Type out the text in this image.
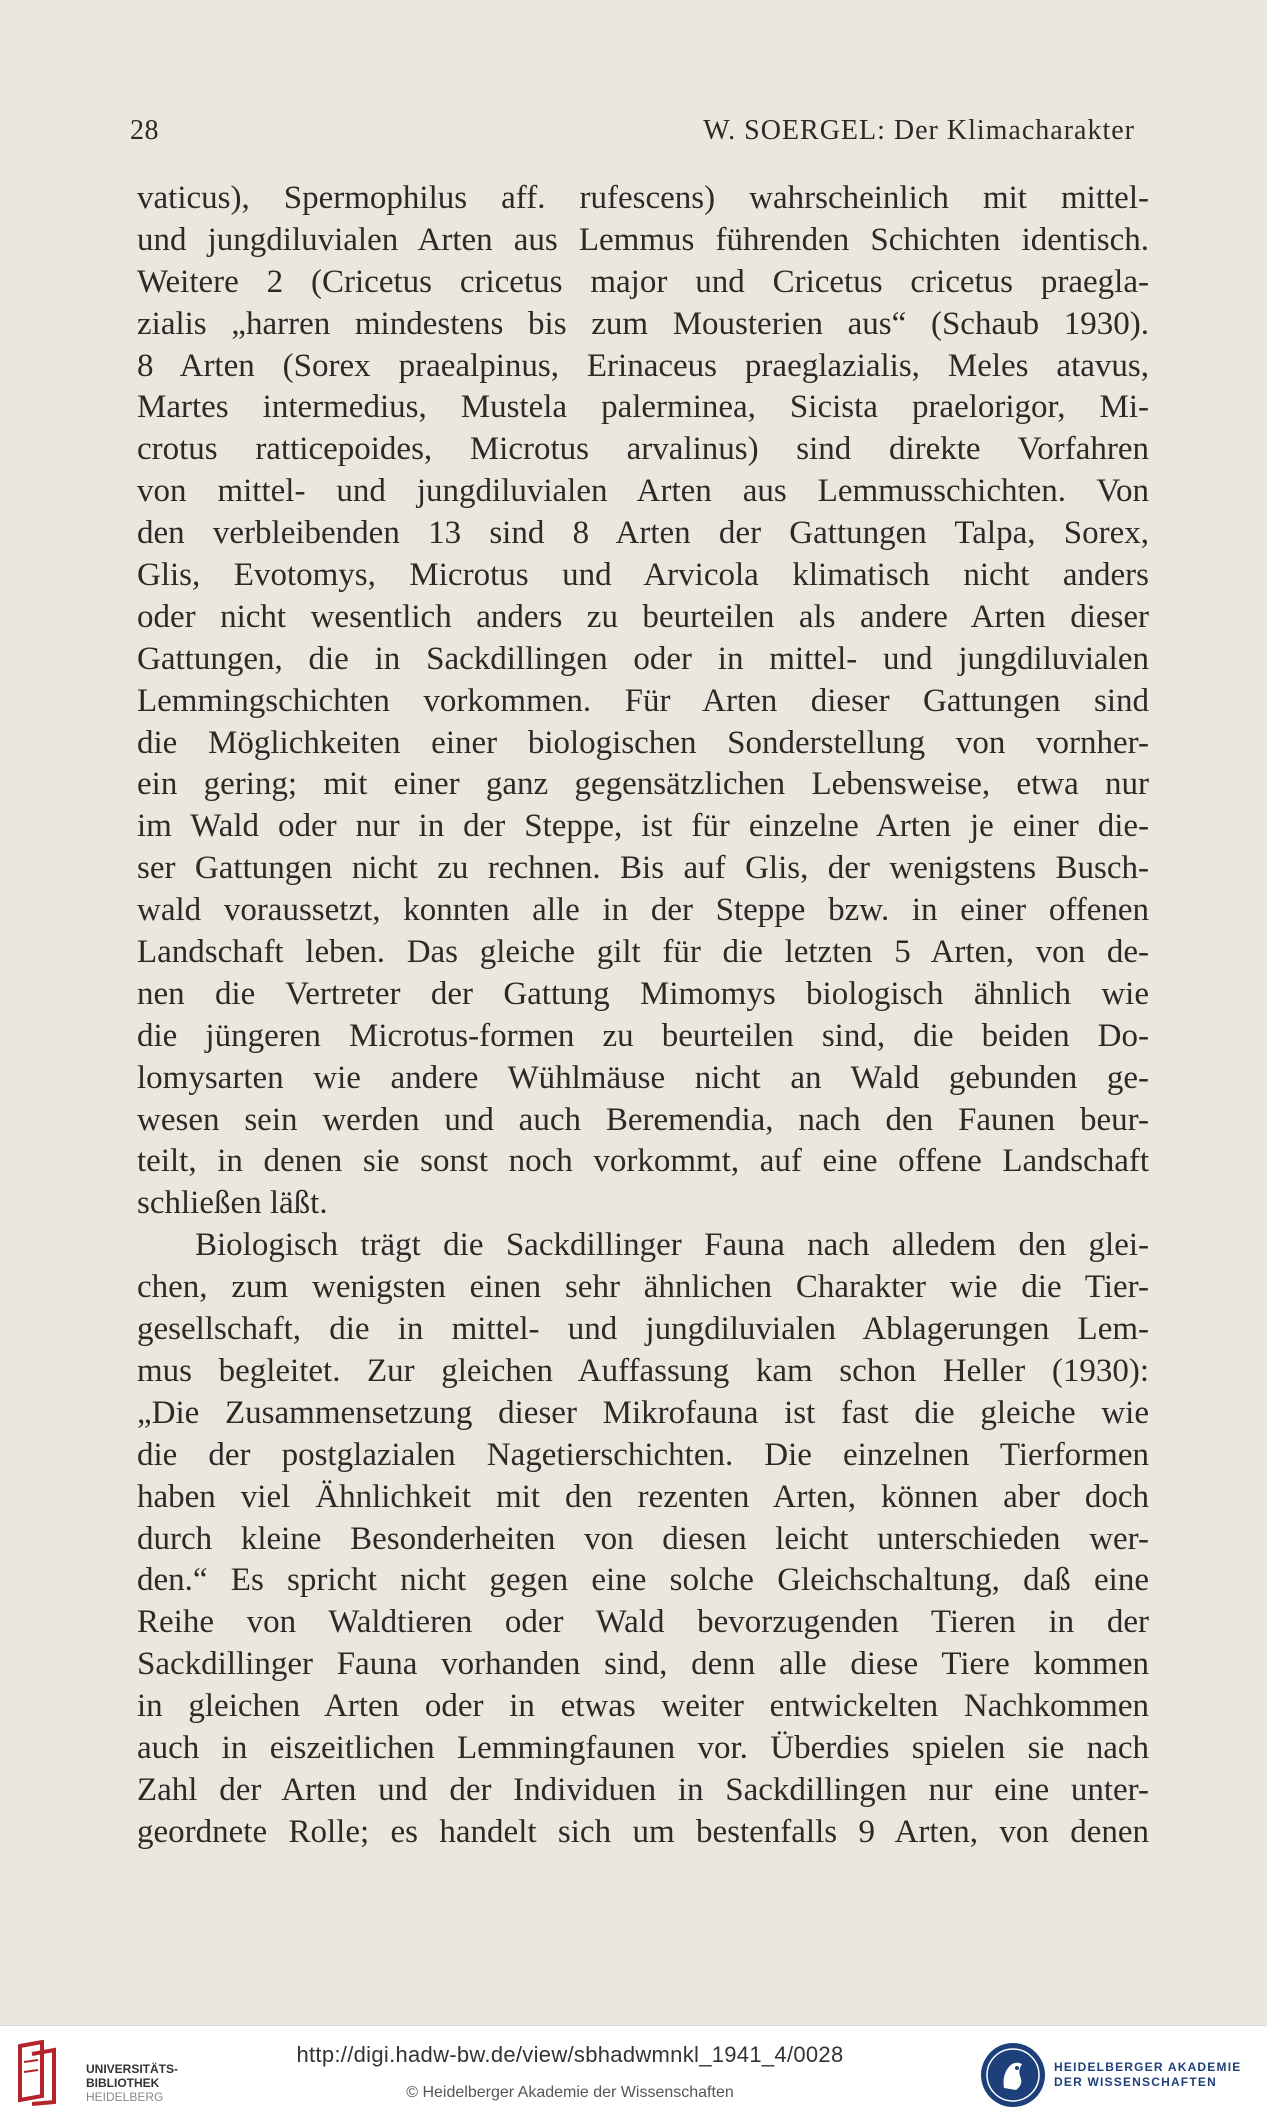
28	W. SOERGEL: Der Klimacharakter
vaticus), Spermophilus aff. rufescens) wahrscheinlich mit mittel-
und jungdiluvialen Arten aus Lemmus führenden Schichten identisch.
Weitere 2 (Cricetus cricetus major und Cricetus cricetus praegla-
zialis „harren mindestens bis zum Mousterien aus“ (Schaub 1930).
8 Arten (Sorex praealpinus, Erinaceus praeglazialis, Meles atavus,
Martes intermedius, Mustela palerminea, Sicista praelorigor, Mi-
crotus ratticepoides, Microtus arvalinus) sind direkte Vorfahren
von mittel- und jungdiluvialen Arten aus Lemmusschichten. Von
den verbleibenden 13 sind 8 Arten der Gattungen Talpa, Sorex,
Glis, Evotomys, Microtus und Arvicola klimatisch nicht anders
oder nicht wesentlich anders zu beurteilen als andere Arten dieser
Gattungen, die in Sackdillingen oder in mittel- und jungdiluvialen
Lemmingschichten vorkommen. Für Arten dieser Gattungen sind
die Möglichkeiten einer biologischen Sonderstellung von vornher-
ein gering; mit einer ganz gegensätzlichen Lebensweise, etwa nur
im Wald oder nur in der Steppe, ist für einzelne Arten je einer die-
ser Gattungen nicht zu rechnen. Bis auf Glis, der wenigstens Busch-
wald voraussetzt, konnten alle in der Steppe bzw. in einer offenen
Landschaft leben. Das gleiche gilt für die letzten 5 Arten, von de-
nen die Vertreter der Gattung Mimomys biologisch ähnlich wie
die jüngeren Microtus-formen zu beurteilen sind, die beiden Do-
lomysarten wie andere Wühlmäuse nicht an Wald gebunden ge-
wesen sein werden und auch Beremendia, nach den Faunen beur-
teilt, in denen sie sonst noch vorkommt, auf eine offene Landschaft
schließen läßt.
Biologisch trägt die Sackdillinger Fauna nach alledem den glei-
chen, zum wenigsten einen sehr ähnlichen Charakter wie die Tier-
gesellschaft, die in mittel- und jungdiluvialen Ablagerungen Lem-
mus begleitet. Zur gleichen Auffassung kam schon Heller (1930):
„Die Zusammensetzung dieser Mikrofauna ist fast die gleiche wie
die der postglazialen Nagetierschichten. Die einzelnen Tierformen
haben viel Ähnlichkeit mit den rezenten Arten, können aber doch
durch kleine Besonderheiten von diesen leicht unterschieden wer-
den.“ Es spricht nicht gegen eine solche Gleichschaltung, daß eine
Reihe von Waldtieren oder Wald bevorzugenden Tieren in der
Sackdillinger Fauna vorhanden sind, denn alle diese Tiere kommen
in gleichen Arten oder in etwas weiter entwickelten Nachkommen
auch in eiszeitlichen Lemmingfaunen vor. Überdies spielen sie nach
Zahl der Arten und der Individuen in Sackdillingen nur eine unter-
geordnete Rolle; es handelt sich um bestenfalls 9 Arten, von denen
UNIVERSITÄTS-
BIBLIOTHEK
HEIDELBERG
http://digi.hadw-bw.de/view/sbhadwmnkl_1941_4/0028
© Heidelberger Akademie der Wissenschaften
HEIDELBERGER AKADEMIE
DER WISSENSCHAFTEN
